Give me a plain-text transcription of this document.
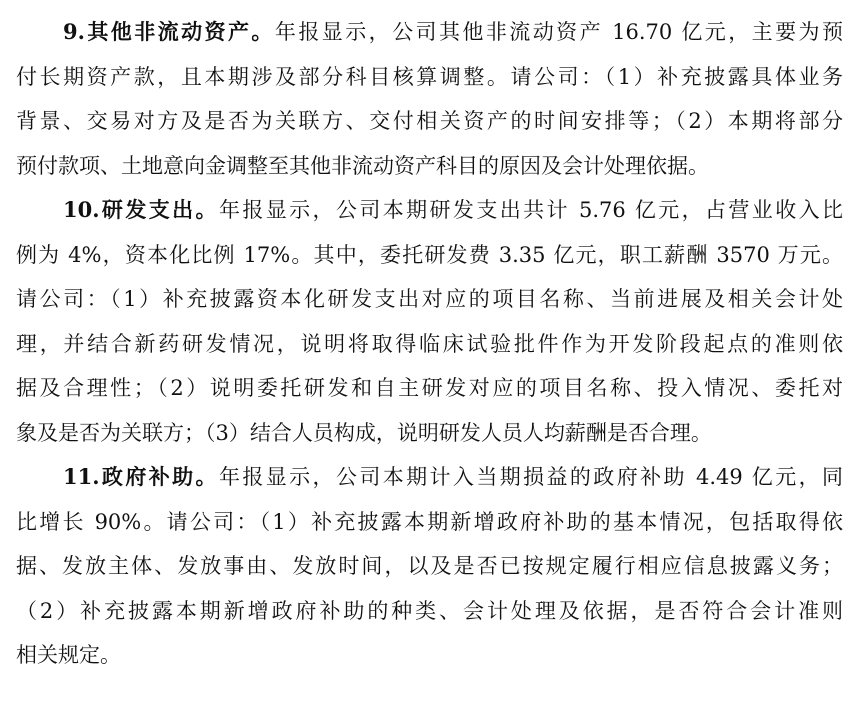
9.其他非流动资产。年报显示，公司其他非流动资产 16.70 亿元，主要为预
付长期资产款，且本期涉及部分科目核算调整。请公司：（1）补充披露具体业务
背景、交易对方及是否为关联方、交付相关资产的时间安排等；（2）本期将部分
预付款项、土地意向金调整至其他非流动资产科目的原因及会计处理依据。
10.研发支出。年报显示，公司本期研发支出共计 5.76 亿元，占营业收入比
例为 4%，资本化比例 17%。其中，委托研发费 3.35 亿元，职工薪酬 3570 万元。
请公司：（1）补充披露资本化研发支出对应的项目名称、当前进展及相关会计处
理，并结合新药研发情况，说明将取得临床试验批件作为开发阶段起点的准则依
据及合理性；（2）说明委托研发和自主研发对应的项目名称、投入情况、委托对
象及是否为关联方；（3）结合人员构成，说明研发人员人均薪酬是否合理。
11.政府补助。年报显示，公司本期计入当期损益的政府补助 4.49 亿元，同
比增长 90%。请公司：（1）补充披露本期新增政府补助的基本情况，包括取得依
据、发放主体、发放事由、发放时间，以及是否已按规定履行相应信息披露义务；
（2）补充披露本期新增政府补助的种类、会计处理及依据，是否符合会计准则
相关规定。
